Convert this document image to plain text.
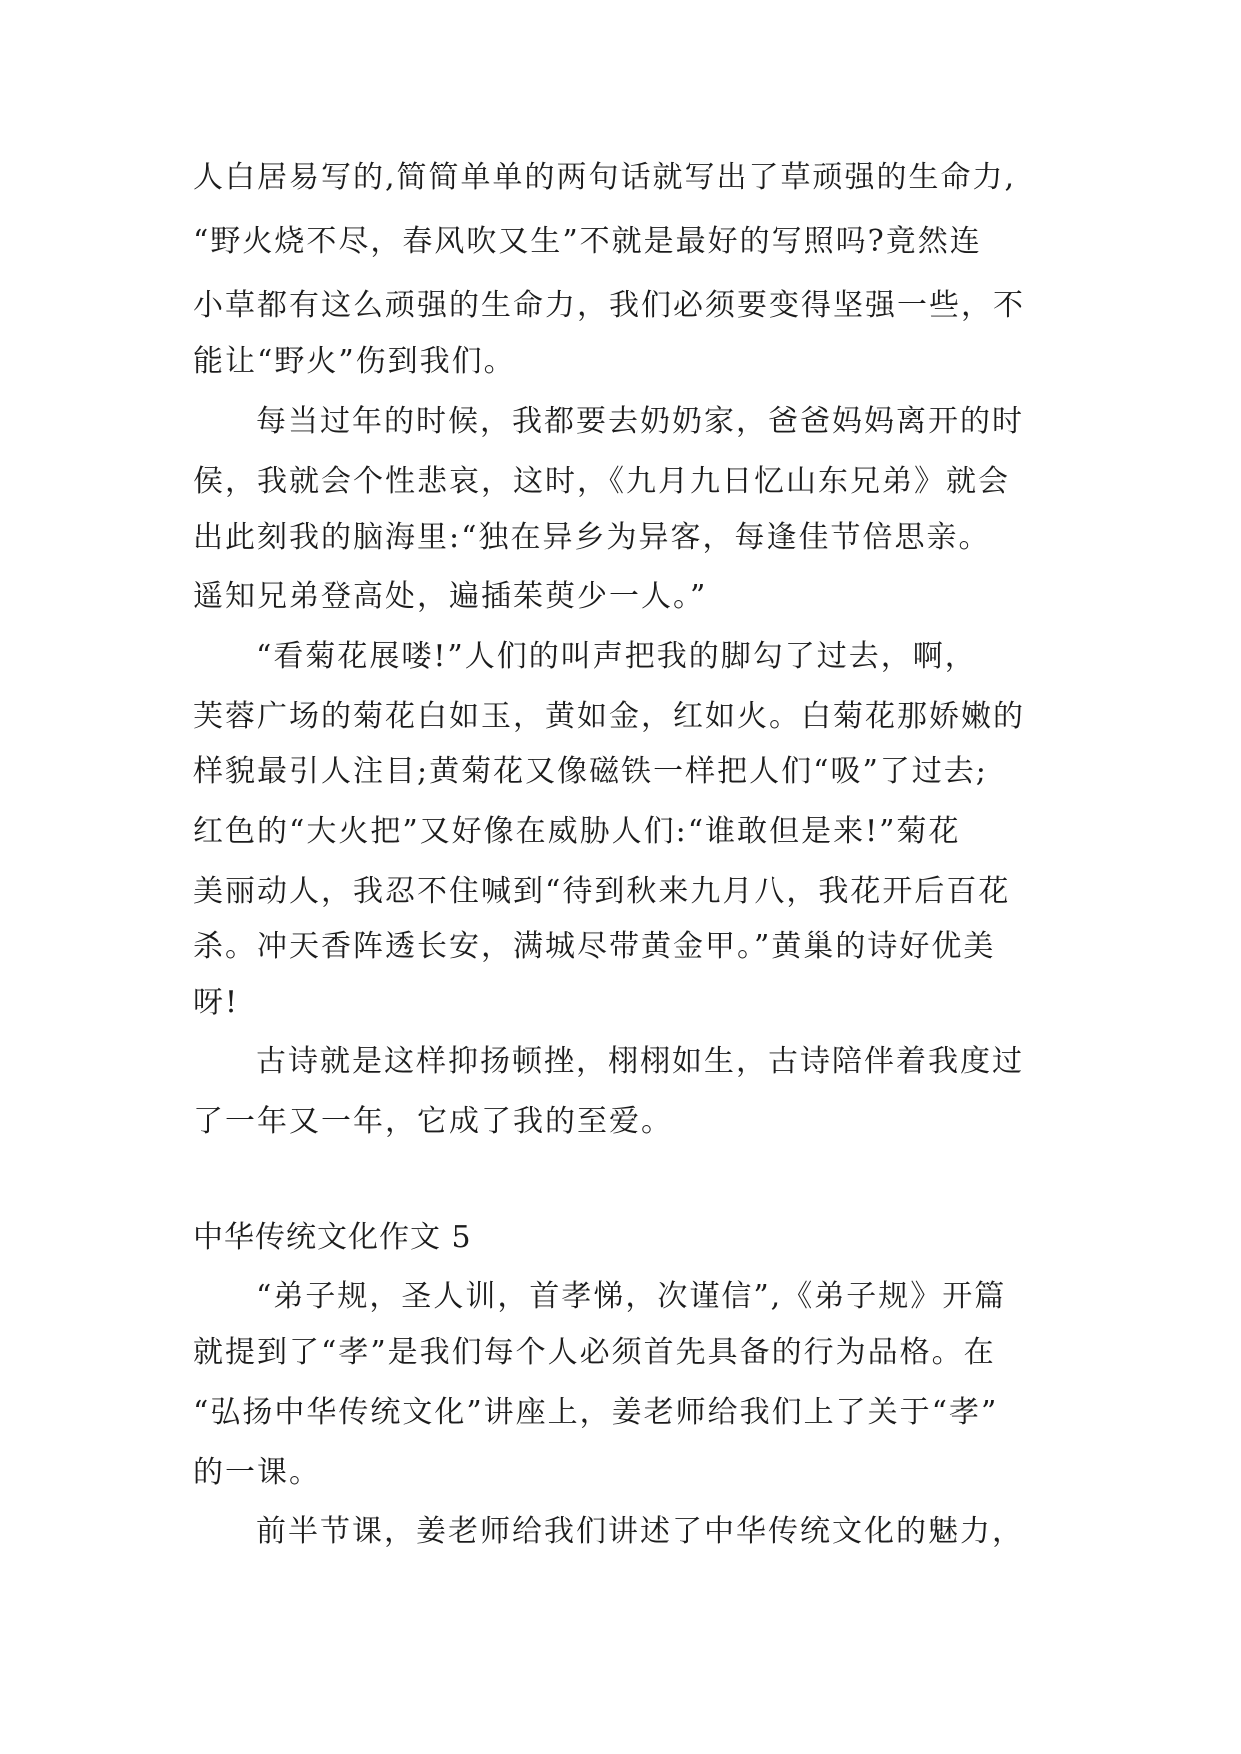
人白居易写的,简简单单的两句话就写出了草顽强的生命力,
“野火烧不尽，春风吹又生”不就是最好的写照吗?竟然连
小草都有这么顽强的生命力，我们必须要变得坚强一些，不
能让“野火”伤到我们。
每当过年的时候，我都要去奶奶家，爸爸妈妈离开的时
侯，我就会个性悲哀，这时，《九月九日忆山东兄弟》就会
出此刻我的脑海里:“独在异乡为异客，每逢佳节倍思亲。
遥知兄弟登高处，遍插茱萸少一人。”
“看菊花展喽!”人们的叫声把我的脚勾了过去，啊，
芙蓉广场的菊花白如玉，黄如金，红如火。白菊花那娇嫩的
样貌最引人注目;黄菊花又像磁铁一样把人们“吸”了过去;
红色的“大火把”又好像在威胁人们:“谁敢但是来!”菊花
美丽动人，我忍不住喊到“待到秋来九月八，我花开后百花
杀。冲天香阵透长安，满城尽带黄金甲。”黄巢的诗好优美
呀!
古诗就是这样抑扬顿挫，栩栩如生，古诗陪伴着我度过
了一年又一年，它成了我的至爱。
中华传统文化作文 5
“弟子规，圣人训，首孝悌，次谨信”,《弟子规》开篇
就提到了“孝”是我们每个人必须首先具备的行为品格。在
“弘扬中华传统文化”讲座上，姜老师给我们上了关于“孝”
的一课。
前半节课，姜老师给我们讲述了中华传统文化的魅力，
